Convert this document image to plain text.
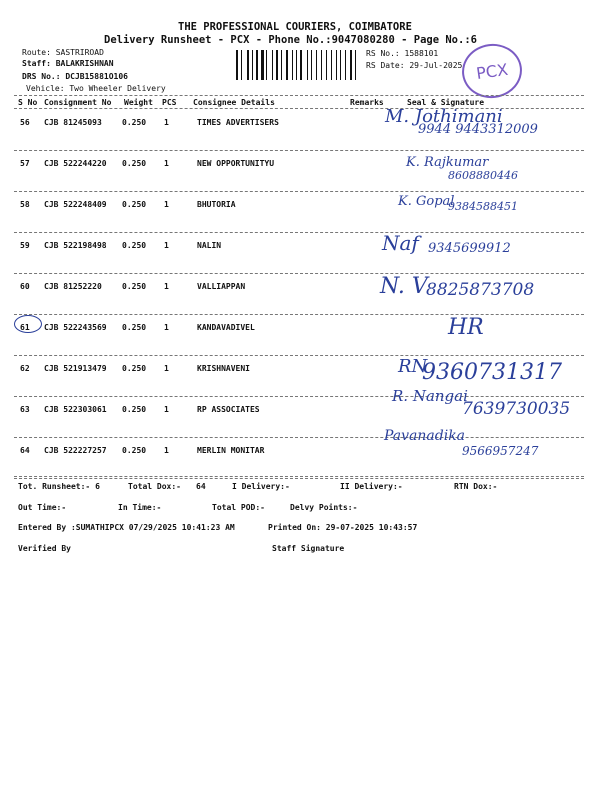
THE PROFESSIONAL COURIERS, COIMBATORE
Delivery Runsheet - PCX - Phone No.:9047080280 - Page No.:6
Route: SASTRIROAD
Staff: BALAKRISHNAN
DRS No.: DCJB15881O106
Vehicle: Two Wheeler Delivery
RS No.: 1588101
RS Date: 29-Jul-2025 PCX
S No Consignment No Weight PCS Consignee Details	Remarks	Seal & Signature
56 CJB 81245093	0.250 1	TIMES ADVERTISERS	M. Jothimani
9944 9443312009
57 CJB 522244220 0.250 1	NEW OPPORTUNITYU	K. Rajkumar
8608880446
58 CJB 522248409 0.250 1	BHUTORIA	K. Gopal
9384588451
59 CJB 522198498 0.250 1	NALIN	Naf 9345699912
60 CJB 81252220	0.250 1	VALLIAPPAN	N. V
8825873708
61 CJB 522243569 0.250 1	KANDAVADIVEL	HR
62 CJB 521913479 0.250 1	KRISHNAVENI	RN
9360731317
63 CJB 522303061 0.250 1	RP ASSOCIATES
R. Nangai
7639730035
64 CJB 522227257 0.250 1	MERLIN MONITAR
Pavanadika
9566957247
Tot. Runsheet:- 6	Total Dox:- 64	I Delivery:-	II Delivery:-	RTN Dox:-
Out Time:-	In Time:-	Total POD:-	Delvy Points:-
Entered By :SUMATHIPCX 07/29/2025 10:41:23 AM	Printed On: 29-07-2025 10:43:57
Verified By	Staff Signature
